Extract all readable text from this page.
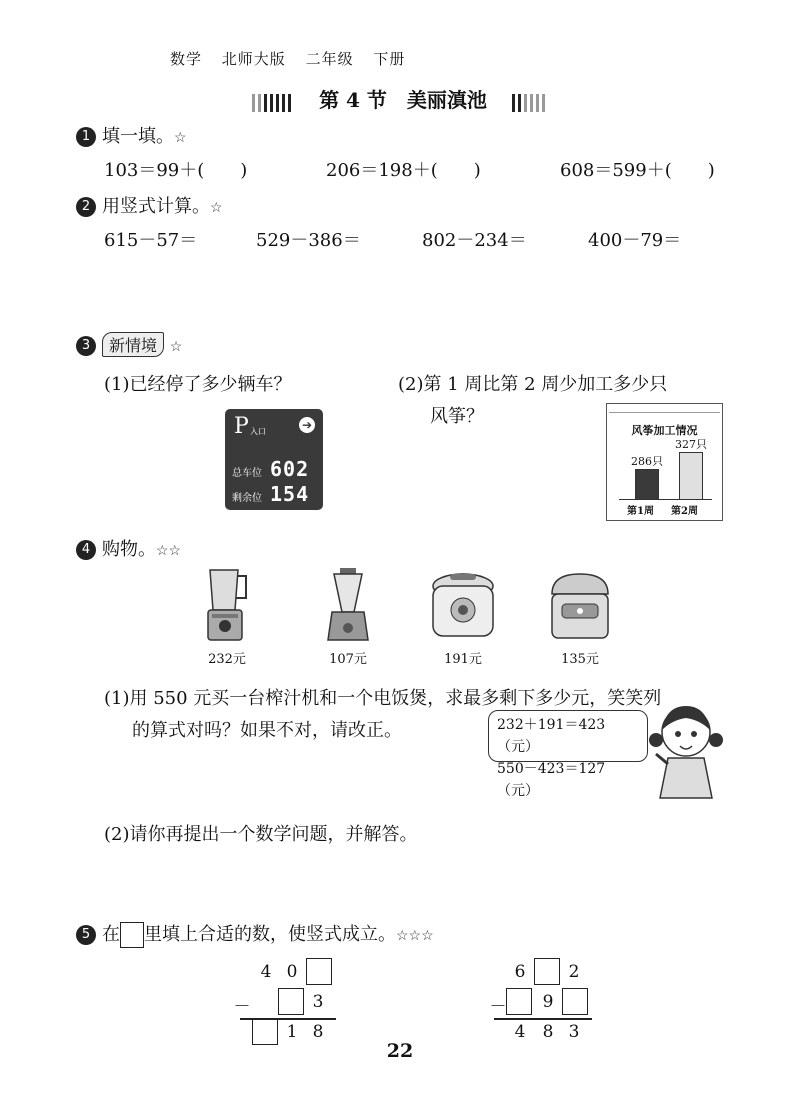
数学 北师大版 二年级 下册
第 4 节　美丽滇池
1 填一填。☆
103＝99＋(　　)	206＝198＋(　　)	608＝599＋(　　)
2 用竖式计算。☆
615－57＝	529－386＝	802－234＝	400－79＝
3 新情境 ☆
(1)已经停了多少辆车？	(2)第 1 周比第 2 周少加工多少只
风筝？
P 入口	➔
总车位 602
剩余位 154
风筝加工情况
286只
第1周
327只
第2周
4 购物。☆☆
232元	107元	191元	135元
(1)用 550 元买一台榨汁机和一个电饭煲，求最多剩下多少元，笑笑列
的算式对吗？如果不对，请改正。	232＋191＝423（元）
550－423＝127（元）
(2)请你再提出一个数学问题，并解答。
5 在 里填上合适的数，使竖式成立。☆☆☆
4 0
－	3
1 8
6	2
－	9
4	8 3
22
